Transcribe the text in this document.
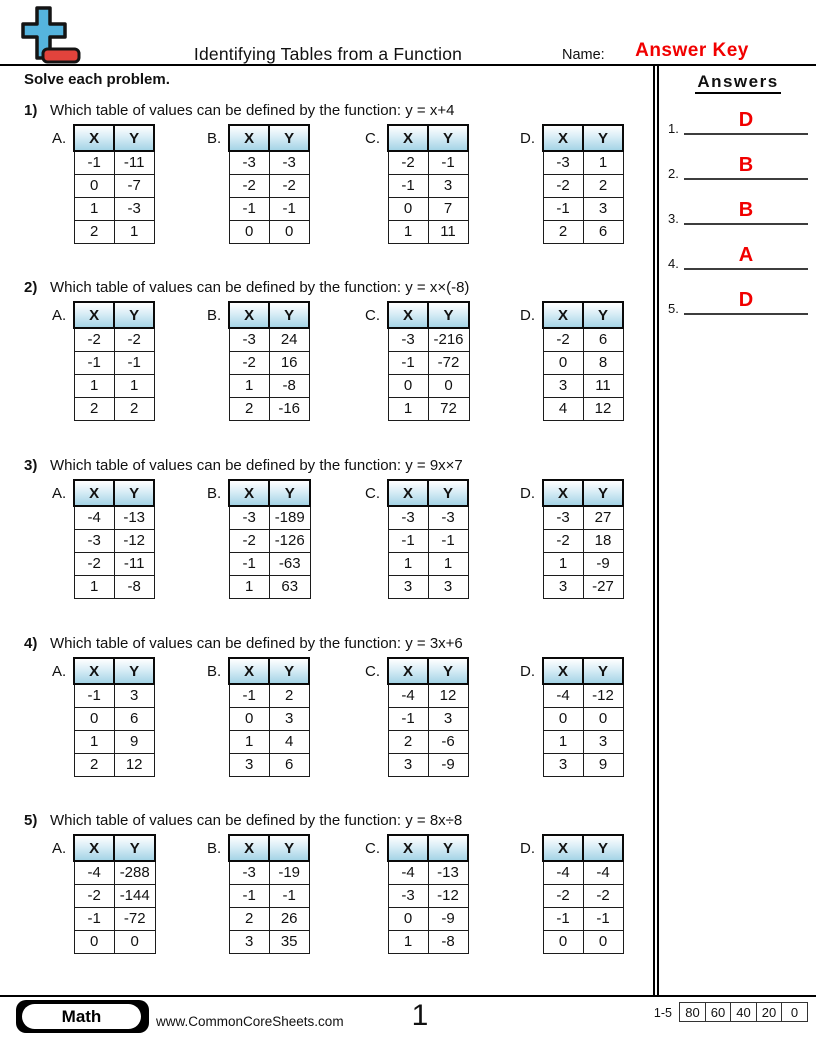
Identifying Tables from a Function	Name:	Answer Key
Solve each problem.	Answers
1.	D
2.	B
3.	B
4.	A
5.	D
1) Which table of values can be defined by the function: y = x+4
A. X	Y
-1	-11
0	-7
1	-3
2	1
B. X	Y
-3	-3
-2	-2
-1	-1
0	0
C. X	Y
-2	-1
-1	3
0	7
1	11
D. X	Y
-3	1
-2	2
-1	3
2	6
2) Which table of values can be defined by the function: y = x×(-8)
A. X	Y
-2	-2
-1	-1
1	1
2	2
B. X	Y
-3	24
-2	16
1	-8
2	-16
C. X	Y
-3	-216
-1	-72
0	0
1	72
D. X	Y
-2	6
0	8
3	11
4	12
3) Which table of values can be defined by the function: y = 9x×7
A. X	Y
-4	-13
-3	-12
-2	-11
1	-8
B. X	Y
-3	-189
-2	-126
-1	-63
1	63
C. X	Y
-3	-3
-1	-1
1	1
3	3
D. X	Y
-3	27
-2	18
1	-9
3	-27
4) Which table of values can be defined by the function: y = 3x+6
A. X	Y
-1	3
0	6
1	9
2	12
B. X	Y
-1	2
0	3
1	4
3	6
C. X	Y
-4	12
-1	3
2	-6
3	-9
D. X	Y
-4	-12
0	0
1	3
3	9
5) Which table of values can be defined by the function: y = 8x÷8
A. X	Y
-4	-288
-2	-144
-1	-72
0	0
B. X	Y
-3	-19
-1	-1
2	26
3	35
C. X	Y
-4	-13
-3	-12
0	-9
1	-8
D. X	Y
-4	-4
-2	-2
-1	-1
0	0
Math	www.CommonCoreSheets.com	1	1-5	80 60 40 20	0
